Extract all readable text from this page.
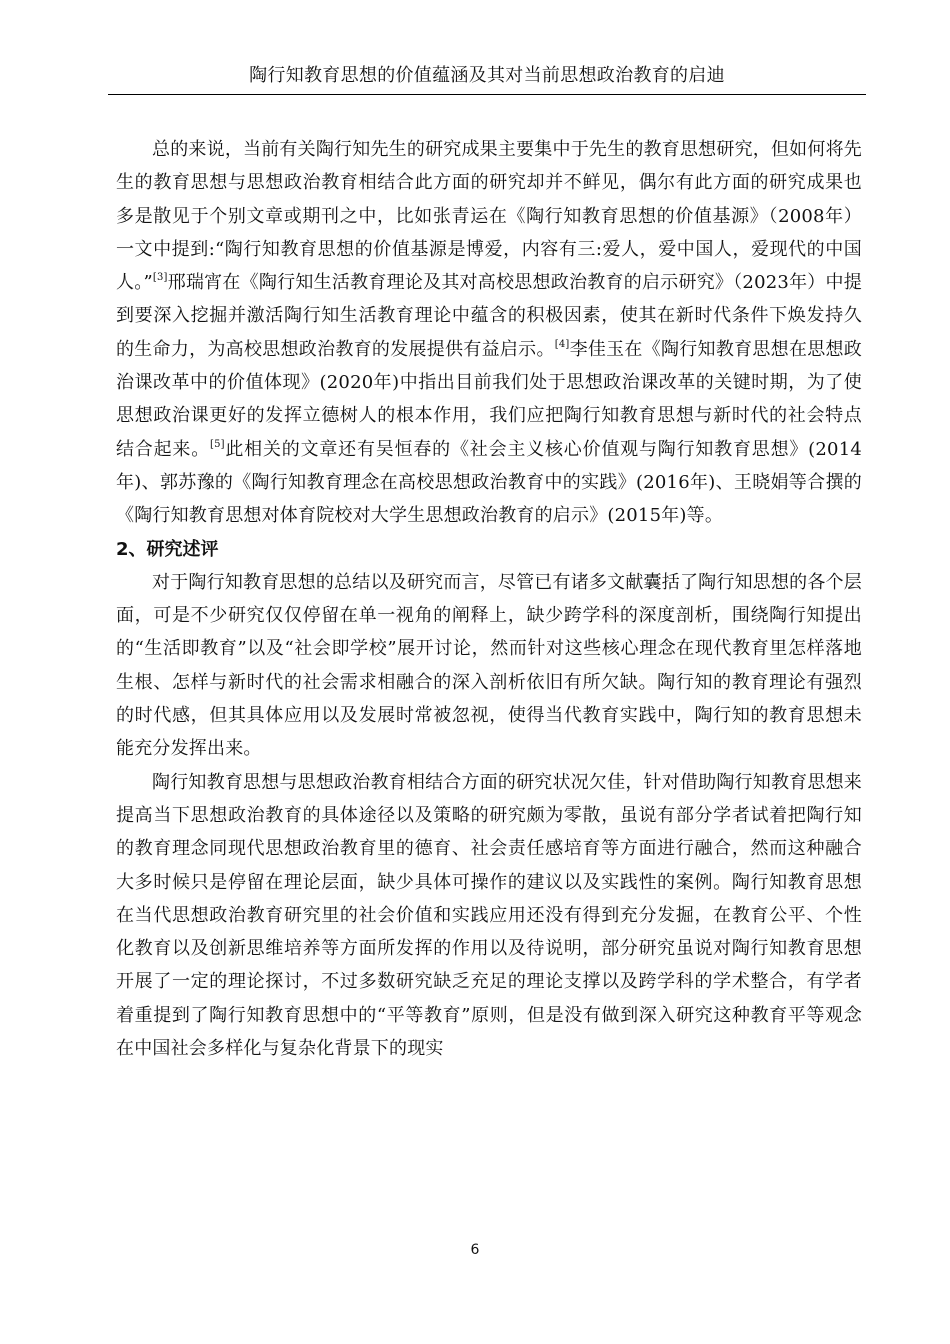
陶行知教育思想的价值蕴涵及其对当前思想政治教育的启迪

总的来说，当前有关陶行知先生的研究成果主要集中于先生的教育思想研究，但如何将先生的教育思想与思想政治教育相结合此方面的研究却并不鲜见，偶尔有此方面的研究成果也多是散见于个别文章或期刊之中，比如张青运在《陶行知教育思想的价值基源》（2008年）一文中提到:“陶行知教育思想的价值基源是博爱，内容有三:爱人，爱中国人，爱现代的中国人。”[3]邢瑞宵在《陶行知生活教育理论及其对高校思想政治教育的启示研究》（2023年）中提到要深入挖掘并激活陶行知生活教育理论中蕴含的积极因素，使其在新时代条件下焕发持久的生命力，为高校思想政治教育的发展提供有益启示。[4]李佳玉在《陶行知教育思想在思想政治课改革中的价值体现》(2020年)中指出目前我们处于思想政治课改革的关键时期，为了使思想政治课更好的发挥立德树人的根本作用，我们应把陶行知教育思想与新时代的社会特点结合起来。[5]此相关的文章还有吴恒春的《社会主义核心价值观与陶行知教育思想》(2014年)、郭苏豫的《陶行知教育理念在高校思想政治教育中的实践》(2016年)、王晓娟等合撰的《陶行知教育思想对体育院校对大学生思想政治教育的启示》(2015年)等。

2、研究述评

对于陶行知教育思想的总结以及研究而言，尽管已有诸多文献囊括了陶行知思想的各个层面，可是不少研究仅仅停留在单一视角的阐释上，缺少跨学科的深度剖析，围绕陶行知提出的“生活即教育”以及“社会即学校”展开讨论，然而针对这些核心理念在现代教育里怎样落地生根、怎样与新时代的社会需求相融合的深入剖析依旧有所欠缺。陶行知的教育理论有强烈的时代感，但其具体应用以及发展时常被忽视，使得当代教育实践中，陶行知的教育思想未能充分发挥出来。

陶行知教育思想与思想政治教育相结合方面的研究状况欠佳，针对借助陶行知教育思想来提高当下思想政治教育的具体途径以及策略的研究颇为零散，虽说有部分学者试着把陶行知的教育理念同现代思想政治教育里的德育、社会责任感培育等方面进行融合，然而这种融合大多时候只是停留在理论层面，缺少具体可操作的建议以及实践性的案例。陶行知教育思想在当代思想政治教育研究里的社会价值和实践应用还没有得到充分发掘，在教育公平、个性化教育以及创新思维培养等方面所发挥的作用以及待说明，部分研究虽说对陶行知教育思想开展了一定的理论探讨，不过多数研究缺乏充足的理论支撑以及跨学科的学术整合，有学者着重提到了陶行知教育思想中的“平等教育”原则，但是没有做到深入研究这种教育平等观念在中国社会多样化与复杂化背景下的现实

6
